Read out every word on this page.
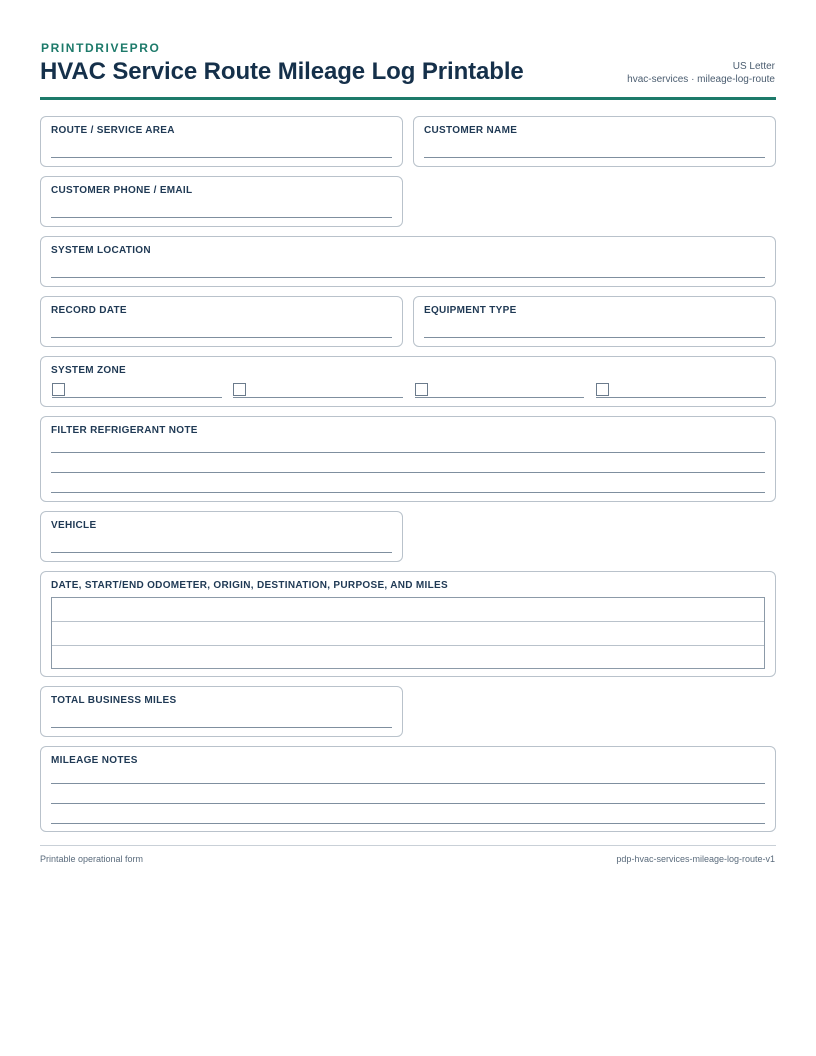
PRINTDRIVEPRO
HVAC Service Route Mileage Log Printable	US Letter
hvac-services · mileage-log-route
ROUTE / SERVICE AREA	CUSTOMER NAME
CUSTOMER PHONE / EMAIL
SYSTEM LOCATION
RECORD DATE	EQUIPMENT TYPE
SYSTEM ZONE
FILTER REFRIGERANT NOTE
VEHICLE
DATE, START/END ODOMETER, ORIGIN, DESTINATION, PURPOSE, AND MILES
TOTAL BUSINESS MILES
MILEAGE NOTES
Printable operational form	pdp-hvac-services-mileage-log-route-v1
